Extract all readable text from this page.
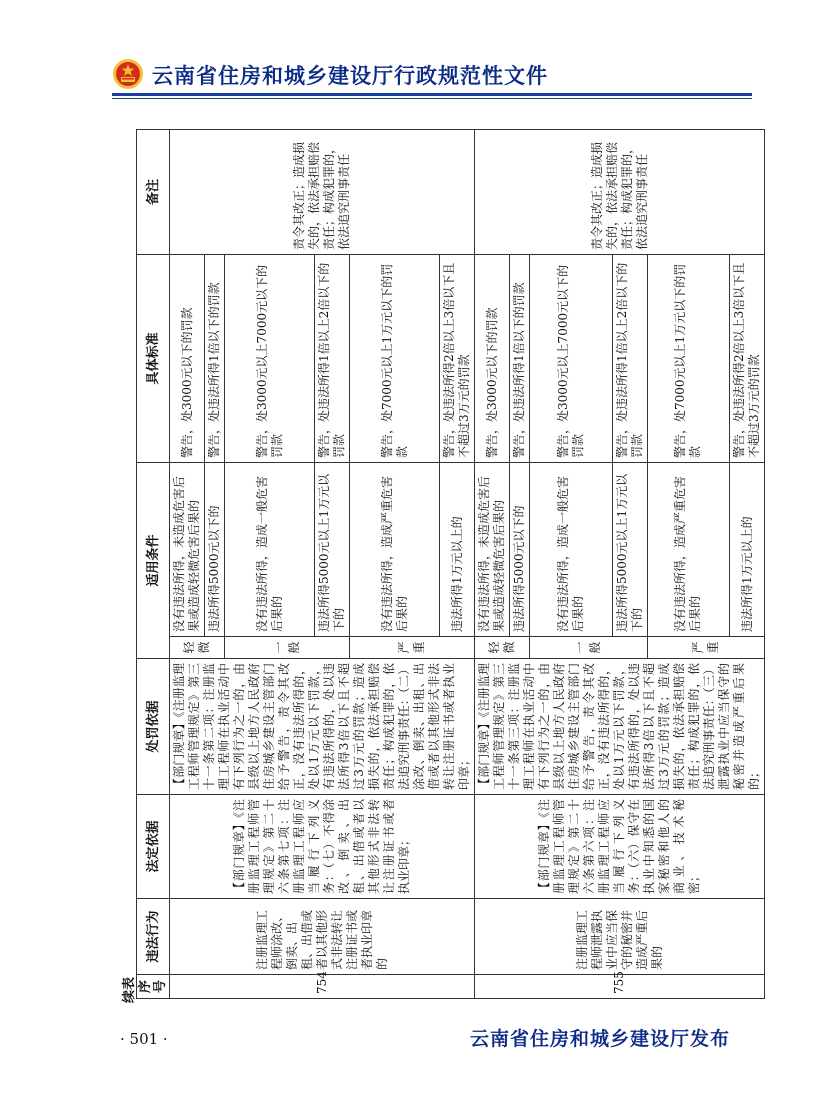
云南省住房和城乡建设厅行政规范性文件
续表 序号	违法行为	法定依据	处罚依据	适用条件		具体标准	备注
754	注册监理工程师涂改、倒卖、出租、出借或者以其他形式非法转让注册证书或者执业印章的	【部门规章】《注册监理工程师管理规定》第二十六条第七项：注册监理工程师应当履行下列义务：（七）不得涂改、倒卖、出租、出借或者以其他形式非法转让注册证书或者执业印章；	【部门规章】《注册监理工程师管理规定》第三十一条第二项：注册监理工程师在执业活动中有下列行为之一的，由县级以上地方人民政府住房城乡建设主管部门给予警告，责令其改正，没有违法所得的，处以1万元以下罚款，有违法所得的，处以违法所得3倍以下且不超过3万元的罚款；造成损失的，依法承担赔偿责任；构成犯罪的，依法追究刑事责任：（二）涂改、倒卖、出租、出借或者以其他形式非法转让注册证书或者执业印章；	轻微	没有违法所得，未造成危害后果或造成轻微危害后果的	警告，处3000元以下的罚款	责令其改正；造成损失的，依法承担赔偿责任；构成犯罪的，依法追究刑事责任
					违法所得5000元以下的	警告，处违法所得1倍以下的罚款	
				一般	没有违法所得，造成一般危害后果的	警告，处3000元以上7000元以下的罚款	
					违法所得5000元以上1万元以下的	警告，处违法所得1倍以上2倍以下的罚款	
				严重	没有违法所得，造成严重危害后果的	警告，处7000元以上1万元以下的罚款	
					违法所得1万元以上的	警告，处违法所得2倍以上3倍以下且不超过3万元的罚款	
755	注册监理工程师泄露执业中应当保守的秘密并造成严重后果的	【部门规章】《注册监理工程师管理规定》第二十六条第六项：注册监理工程师应当履行下列义务：（六）保守在执业中知悉的国家秘密和他人的商业、技术秘密；	【部门规章】《注册监理工程师管理规定》第三十一条第三项：注册监理工程师在执业活动中有下列行为之一的，由县级以上地方人民政府住房城乡建设主管部门给予警告，责令其改正，没有违法所得的，处以1万元以下罚款，有违法所得的，处以违法所得3倍以下且不超过3万元的罚款；造成损失的，依法承担赔偿责任；构成犯罪的，依法追究刑事责任：（三）泄露执业中应当保守的秘密并造成严重后果的；	轻微	没有违法所得，未造成危害后果或造成轻微危害后果的	警告，处3000元以下的罚款	责令其改正；造成损失的，依法承担赔偿责任；构成犯罪的，依法追究刑事责任
					违法所得5000元以下的	警告，处违法所得1倍以下的罚款	
				一般	没有违法所得，造成一般危害后果的	警告，处3000元以上7000元以下的罚款	
					违法所得5000元以上1万元以下的	警告，处违法所得1倍以上2倍以下的罚款	
				严重	没有违法所得，造成严重危害后果的	警告，处7000元以上1万元以下的罚款	
					违法所得1万元以上的	警告，处违法所得2倍以上3倍以下且不超过3万元的罚款	
· 501 ·	云南省住房和城乡建设厅发布
